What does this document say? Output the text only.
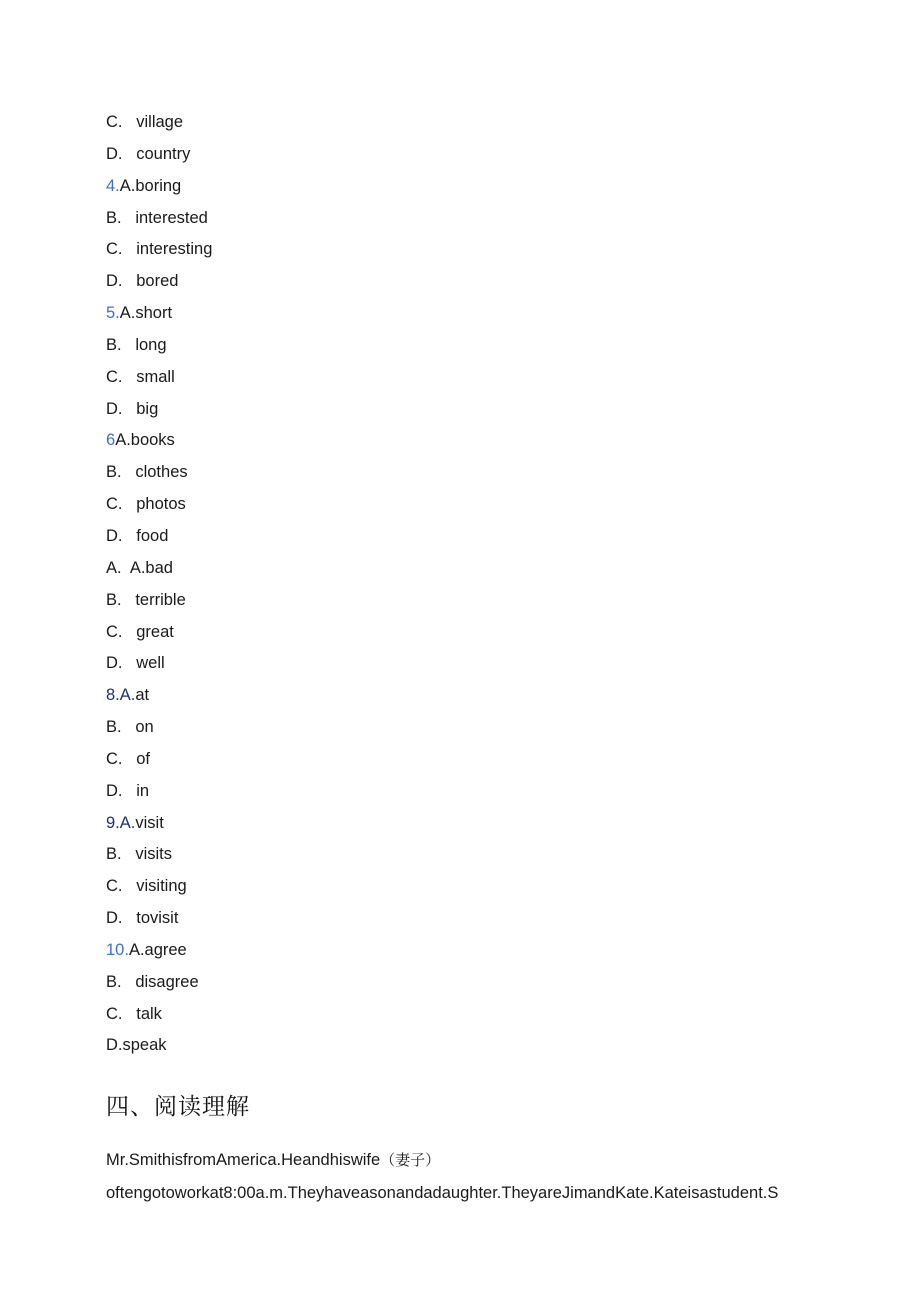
C.   village
D.   country
4.A.boring
B.   interested
C.   interesting
D.   bored
5.A.short
B.   long
C.   small
D.   big
6A.books
B.   clothes
C.   photos
D.   food
A.  A.bad
B.   terrible
C.   great
D.   well
8.A.at
B.   on
C.   of
D.   in
9.A.visit
B.   visits
C.   visiting
D.   tovisit
10.A.agree
B.   disagree
C.   talk
D.speak
四、阅读理解
Mr.SmithisfromAmerica.Heandhiswife（妻子）
oftengotoworkat8:00a.m.Theyhaveasonandadaughter.TheyareJimandKate.Kateisastudent.S
